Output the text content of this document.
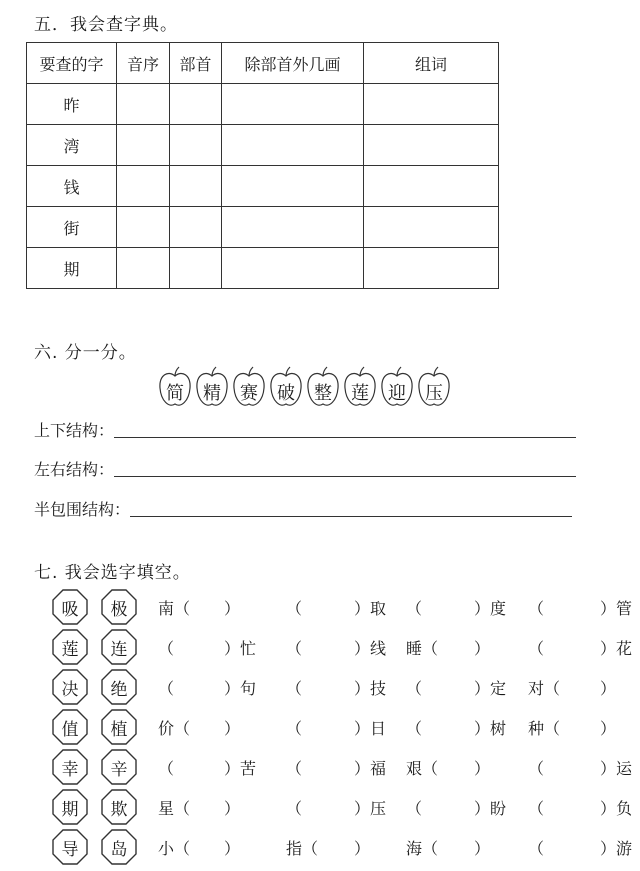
五．我会查字典。
要查的字	音序	部首	除部首外几画	组词
昨				
湾				
钱				
街				
期				
六. 分一分。
简	精	赛	破	整	莲	迎	压
上下结构：
左右结构：
半包围结构：
七. 我会选字填空。
吸 极 南（ ）	（	）取 （	）度 （	）管
莲 连 （	）忙 （	）线 睡（ ） （	）花
决 绝 （	）句 （	）技 （	）定 对（ ）
值 植 价（ ）	（	）日 （	）树 种（ ）
幸 辛 （	）苦 （	）福 艰（ ） （	）运
期 欺 星（ ）	（	）压 （	）盼 （	）负
导 岛 小（ ）	指（ ） 海（ ） （	）游
